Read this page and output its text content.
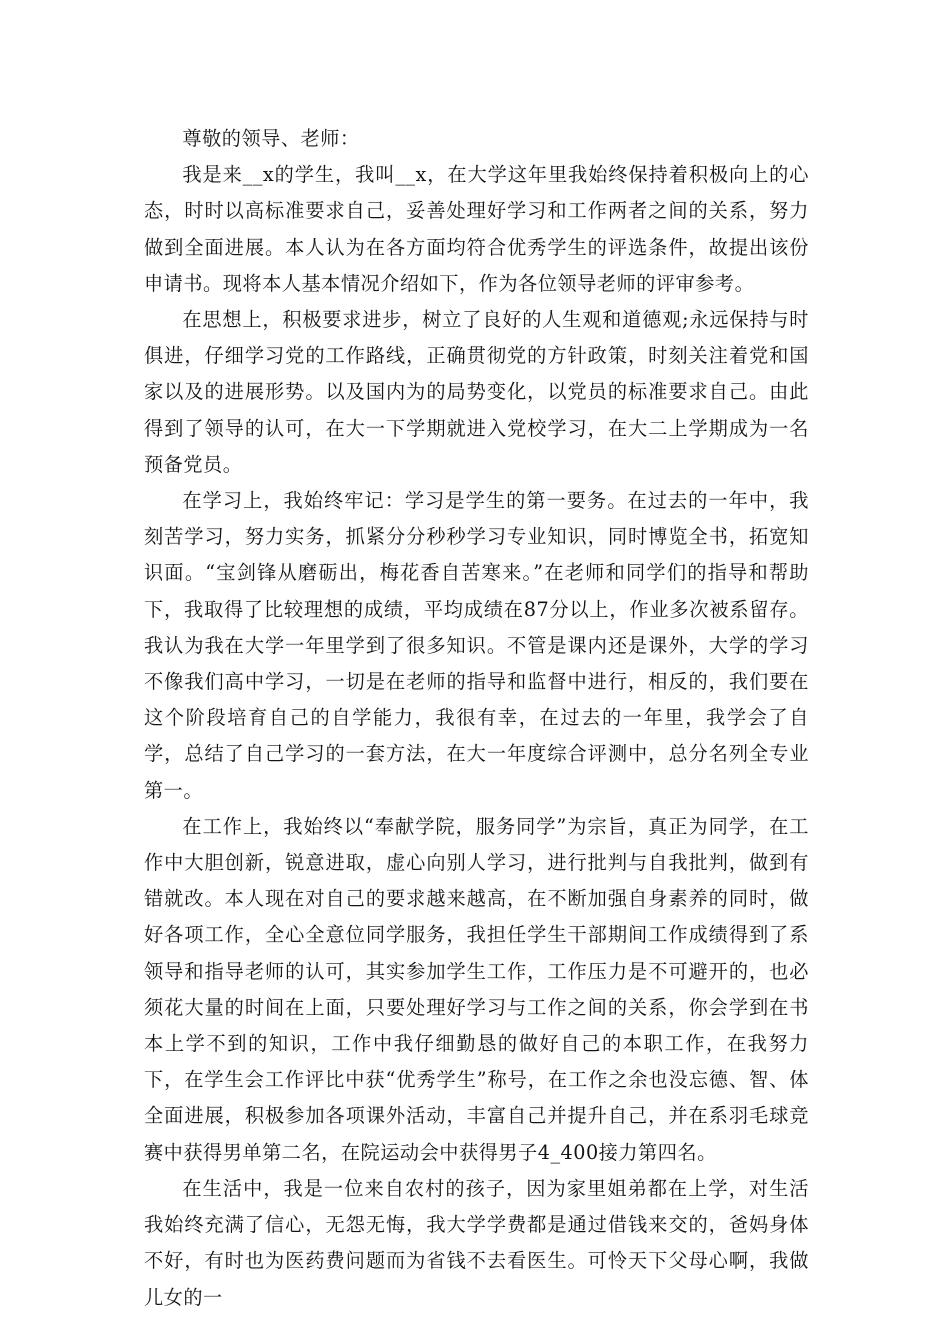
尊敬的领导、老师：

我是来__x的学生，我叫__x，在大学这年里我始终保持着积极向上的心态，时时以高标准要求自己，妥善处理好学习和工作两者之间的关系，努力做到全面进展。本人认为在各方面均符合优秀学生的评选条件，故提出该份申请书。现将本人基本情况介绍如下，作为各位领导老师的评审参考。

在思想上，积极要求进步，树立了良好的人生观和道德观;永远保持与时俱进，仔细学习党的工作路线，正确贯彻党的方针政策，时刻关注着党和国家以及的进展形势。以及国内为的局势变化，以党员的标准要求自己。由此得到了领导的认可，在大一下学期就进入党校学习，在大二上学期成为一名预备党员。

在学习上，我始终牢记：学习是学生的第一要务。在过去的一年中，我刻苦学习，努力实务，抓紧分分秒秒学习专业知识，同时博览全书，拓宽知识面。“宝剑锋从磨砺出，梅花香自苦寒来。”在老师和同学们的指导和帮助下，我取得了比较理想的成绩，平均成绩在87分以上，作业多次被系留存。我认为我在大学一年里学到了很多知识。不管是课内还是课外，大学的学习不像我们高中学习，一切是在老师的指导和监督中进行，相反的，我们要在这个阶段培育自己的自学能力，我很有幸，在过去的一年里，我学会了自学，总结了自己学习的一套方法，在大一年度综合评测中，总分名列全专业第一。

在工作上，我始终以“奉献学院，服务同学”为宗旨，真正为同学，在工作中大胆创新，锐意进取，虚心向别人学习，进行批判与自我批判，做到有错就改。本人现在对自己的要求越来越高，在不断加强自身素养的同时，做好各项工作，全心全意位同学服务，我担任学生干部期间工作成绩得到了系领导和指导老师的认可，其实参加学生工作，工作压力是不可避开的，也必须花大量的时间在上面，只要处理好学习与工作之间的关系，你会学到在书本上学不到的知识，工作中我仔细勤恳的做好自己的本职工作，在我努力下，在学生会工作评比中获“优秀学生”称号，在工作之余也没忘德、智、体全面进展，积极参加各项课外活动，丰富自己并提升自己，并在系羽毛球竞赛中获得男单第二名，在院运动会中获得男子4_400接力第四名。

在生活中，我是一位来自农村的孩子，因为家里姐弟都在上学，对生活我始终充满了信心，无怨无悔，我大学学费都是通过借钱来交的，爸妈身体不好，有时也为医药费问题而为省钱不去看医生。可怜天下父母心啊，我做儿女的一
